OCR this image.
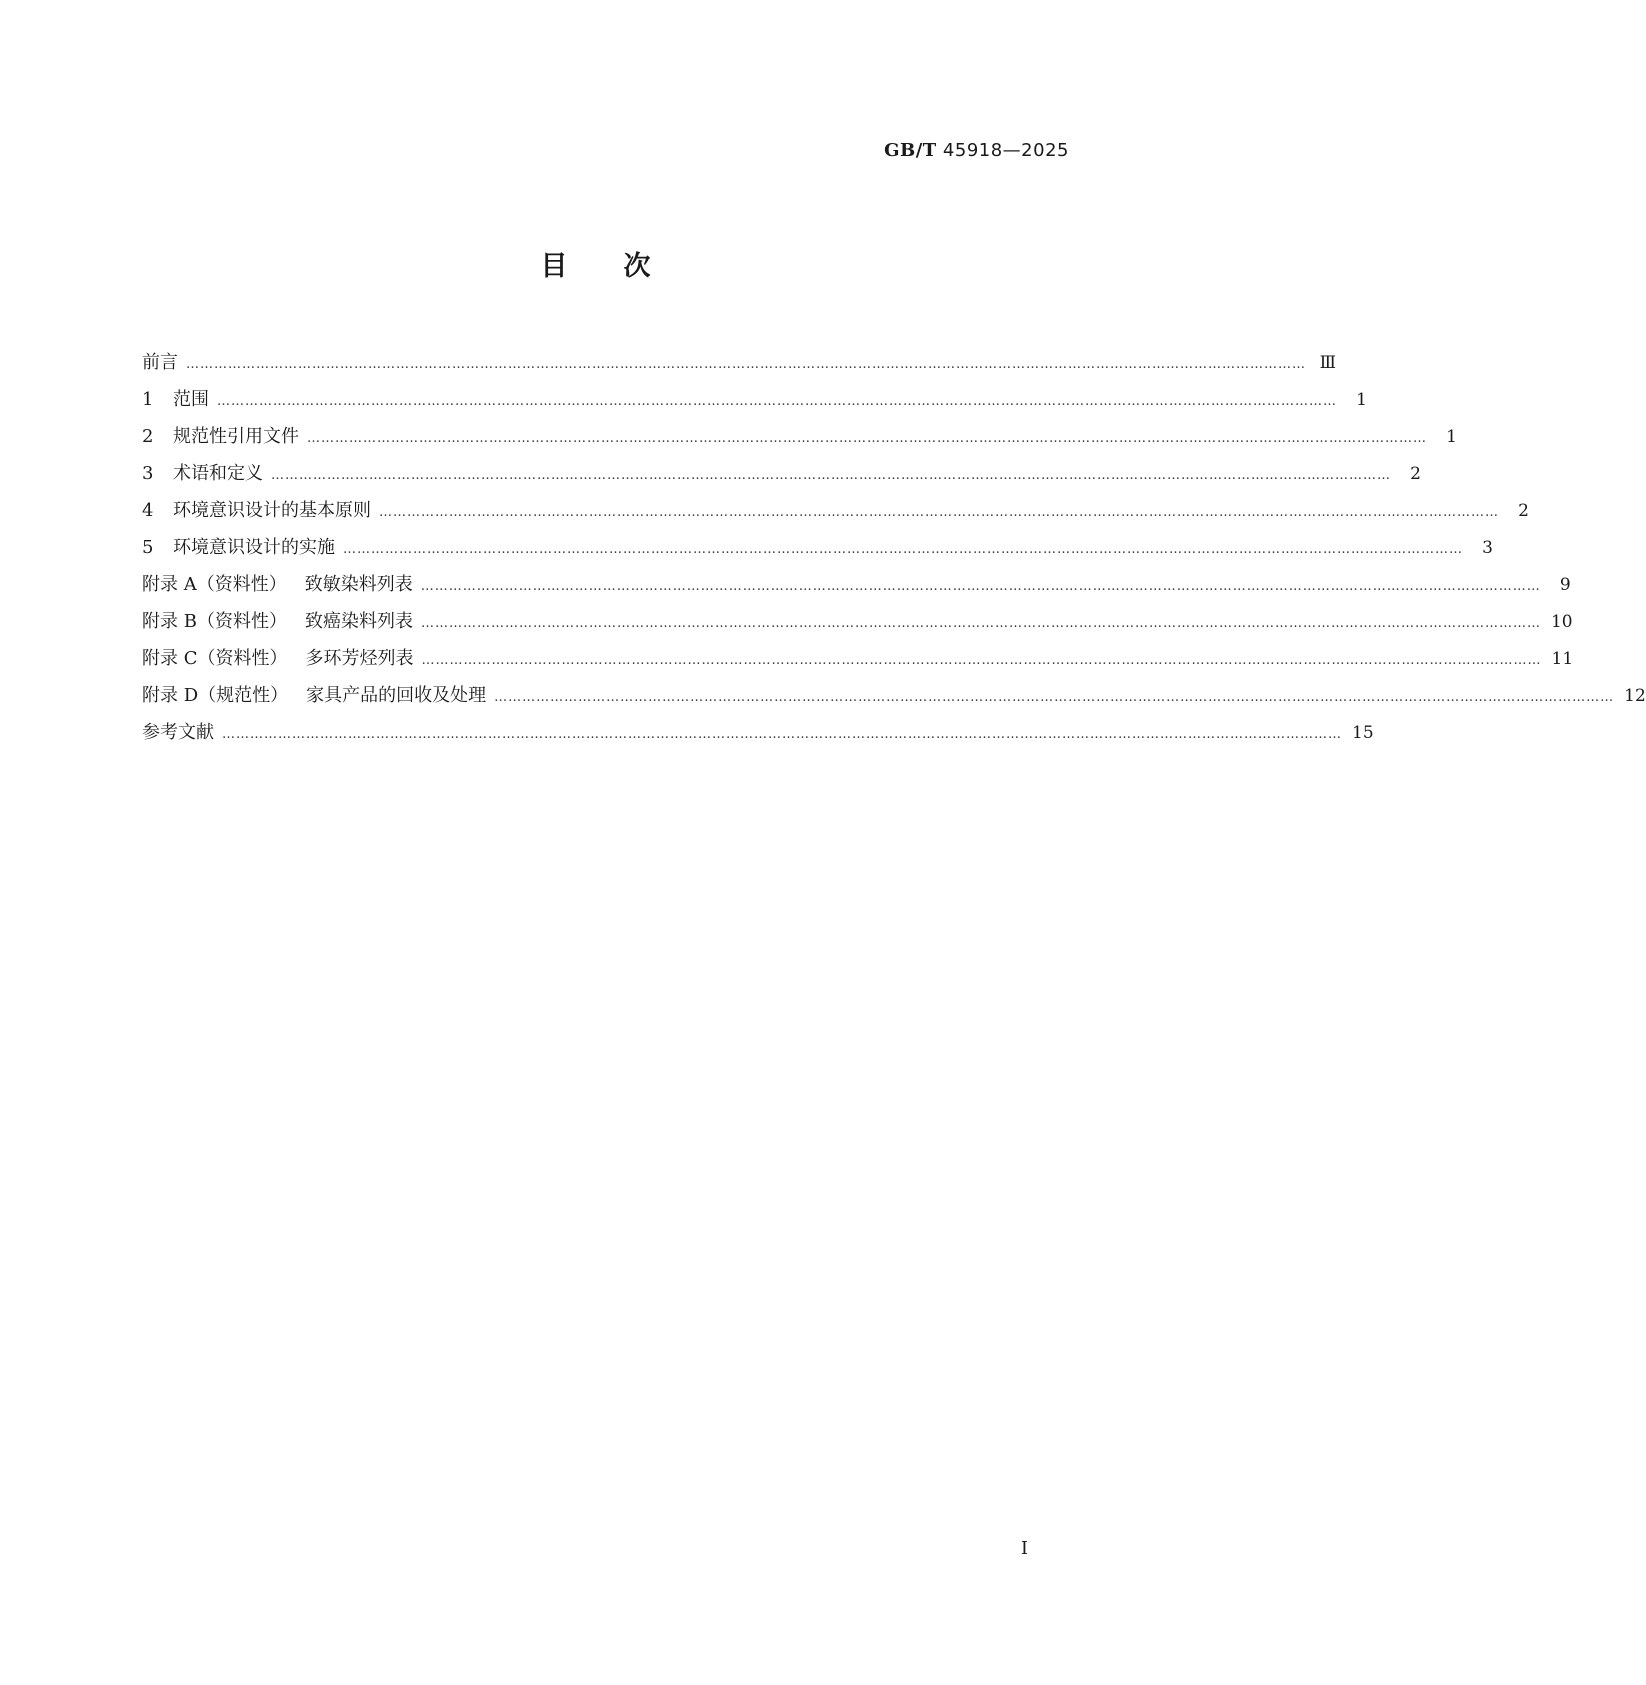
GB/T 45918—2025
目次
前言 …………………………………………………………………………………………………………………………………………………………………………………………………………………… Ⅲ
1 范围 ……………………………………………………………………………………………………………………………………………………………………………………………………………………	1
2 规范性引用文件 ……………………………………………………………………………………………………………………………………………………………………………………………………………………	1
3 术语和定义 ……………………………………………………………………………………………………………………………………………………………………………………………………………………	2
4 环境意识设计的基本原则 ……………………………………………………………………………………………………………………………………………………………………………………………………………………	2
5 环境意识设计的实施 ……………………………………………………………………………………………………………………………………………………………………………………………………………………	3
附录 A（资料性） 致敏染料列表 ……………………………………………………………………………………………………………………………………………………………………………………………………………………	9
附录 B（资料性） 致癌染料列表 …………………………………………………………………………………………………………………………………………………………………………………………………………………… 10
附录 C（资料性） 多环芳烃列表 …………………………………………………………………………………………………………………………………………………………………………………………………………………… 11
附录 D（规范性） 家具产品的回收及处理 …………………………………………………………………………………………………………………………………………………………………………………………………………………… 12
参考文献 …………………………………………………………………………………………………………………………………………………………………………………………………………………… 15
Ⅰ
